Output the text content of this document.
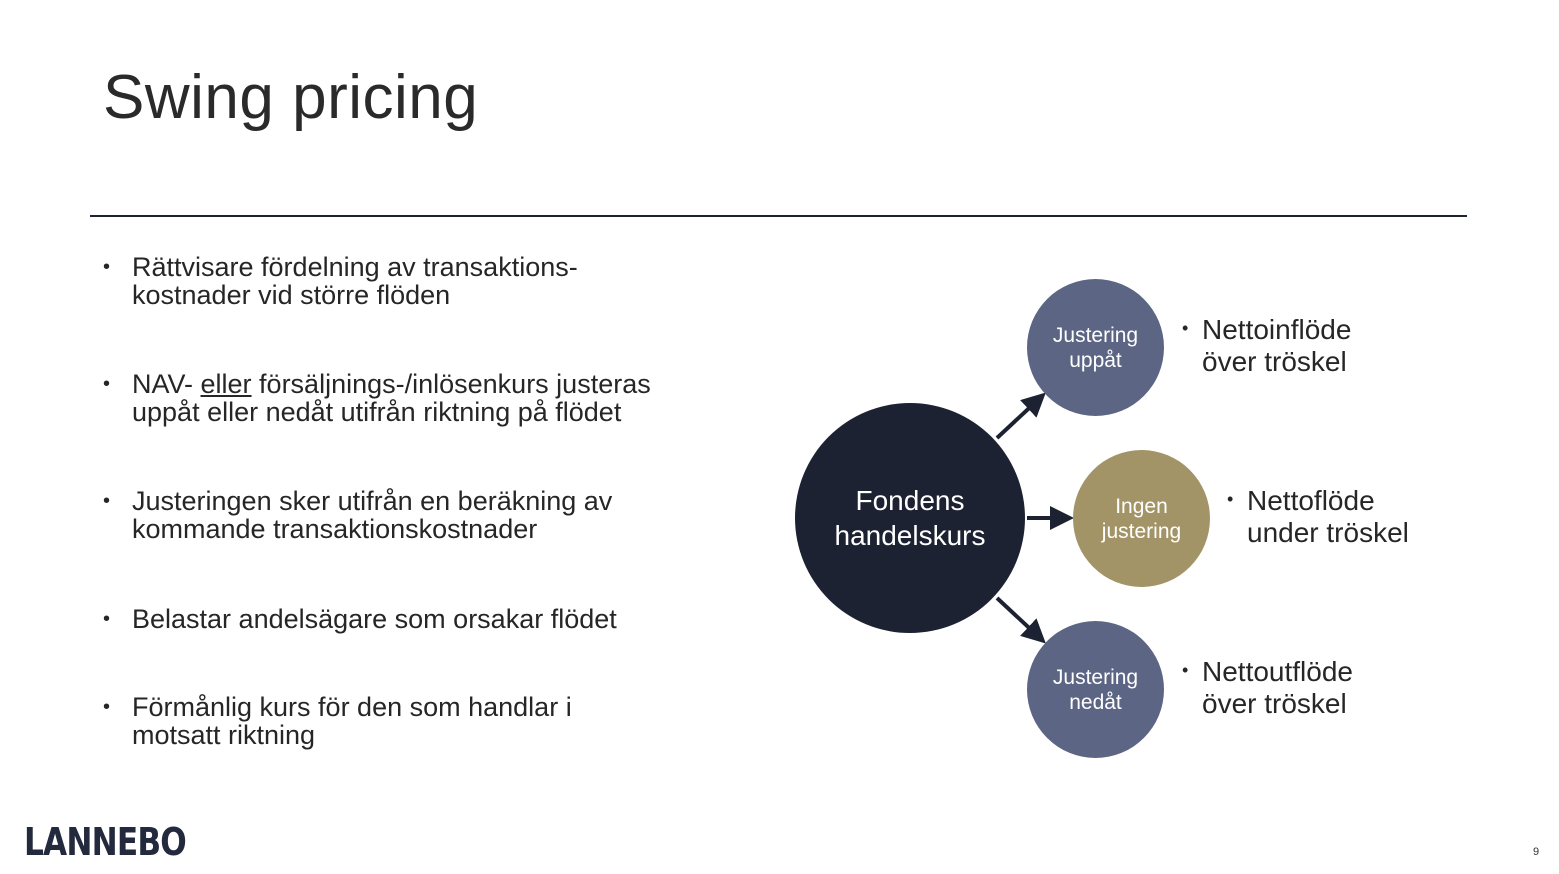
Swing pricing
• Rättvisare fördelning av transaktions-
kostnader vid större flöden
• NAV- eller försäljnings-/inlösenkurs justeras
uppåt eller nedåt utifrån riktning på flödet
• Justeringen sker utifrån en beräkning av
kommande transaktionskostnader
• Belastar andelsägare som orsakar flödet
• Förmånlig kurs för den som handlar i
motsatt riktning
Fondens
handelskurs
Justering
uppåt
Ingen
justering
Justering
nedåt
• Nettoinflöde
över tröskel
• Nettoflöde
under tröskel
• Nettoutflöde
över tröskel
LANNEBO	9
